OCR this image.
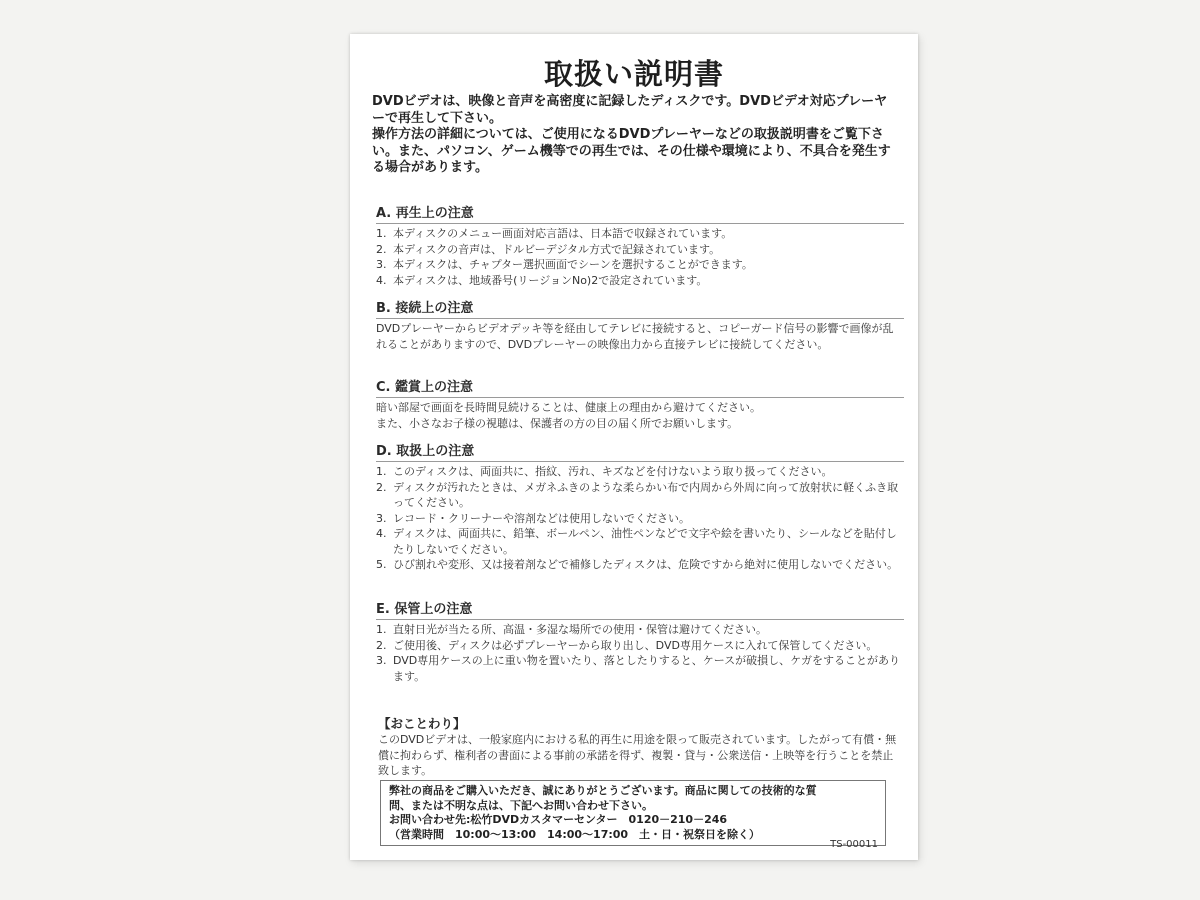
取扱い説明書

DVDビデオは、映像と音声を高密度に記録したディスクです。DVDビデオ対応プレーヤーで再生して下さい。

操作方法の詳細については、ご使用になるDVDプレーヤーなどの取扱説明書をご覧下さい。また、パソコン、ゲーム機等での再生では、その仕様や環境により、不具合を発生する場合があります。

A. 再生上の注意
1. 本ディスクのメニュー画面対応言語は、日本語で収録されています。
2. 本ディスクの音声は、ドルビーデジタル方式で記録されています。
3. 本ディスクは、チャプター選択画面でシーンを選択することができます。
4. 本ディスクは、地域番号(リージョンNo)2で設定されています。
B. 接続上の注意

DVDプレーヤーからビデオデッキ等を経由してテレビに接続すると、コピーガード信号の影響で画像が乱れることがありますので、DVDプレーヤーの映像出力から直接テレビに接続してください。

C. 鑑賞上の注意

暗い部屋で画面を長時間見続けることは、健康上の理由から避けてください。

また、小さなお子様の視聴は、保護者の方の目の届く所でお願いします。

D. 取扱上の注意
1. このディスクは、両面共に、指紋、汚れ、キズなどを付けないよう取り扱ってください。
2. ディスクが汚れたときは、メガネふきのような柔らかい布で内周から外周に向って放射状に軽くふき取ってください。
3. レコード・クリーナーや溶剤などは使用しないでください。
4. ディスクは、両面共に、鉛筆、ボールペン、油性ペンなどで文字や絵を書いたり、シールなどを貼付したりしないでください。
5. ひび割れや変形、又は接着剤などで補修したディスクは、危険ですから絶対に使用しないでください。
E. 保管上の注意
1. 直射日光が当たる所、高温・多湿な場所での使用・保管は避けてください。
2. ご使用後、ディスクは必ずプレーヤーから取り出し、DVD専用ケースに入れて保管してください。
3. DVD専用ケースの上に重い物を置いたり、落としたりすると、ケースが破損し、ケガをすることがあります。
【おことわり】

このDVDビデオは、一般家庭内における私的再生に用途を限って販売されています。したがって有償・無償に拘わらず、権利者の書面による事前の承諾を得ず、複製・貸与・公衆送信・上映等を行うことを禁止致します。

弊社の商品をご購入いただき、誠にありがとうございます。商品に関しての技術的な質

問、または不明な点は、下記へお問い合わせ下さい。

お問い合わせ先:松竹DVDカスタマーセンター　0120－210－246

（営業時間　10:00～13:00　14:00～17:00　土・日・祝祭日を除く）

TS-00011
